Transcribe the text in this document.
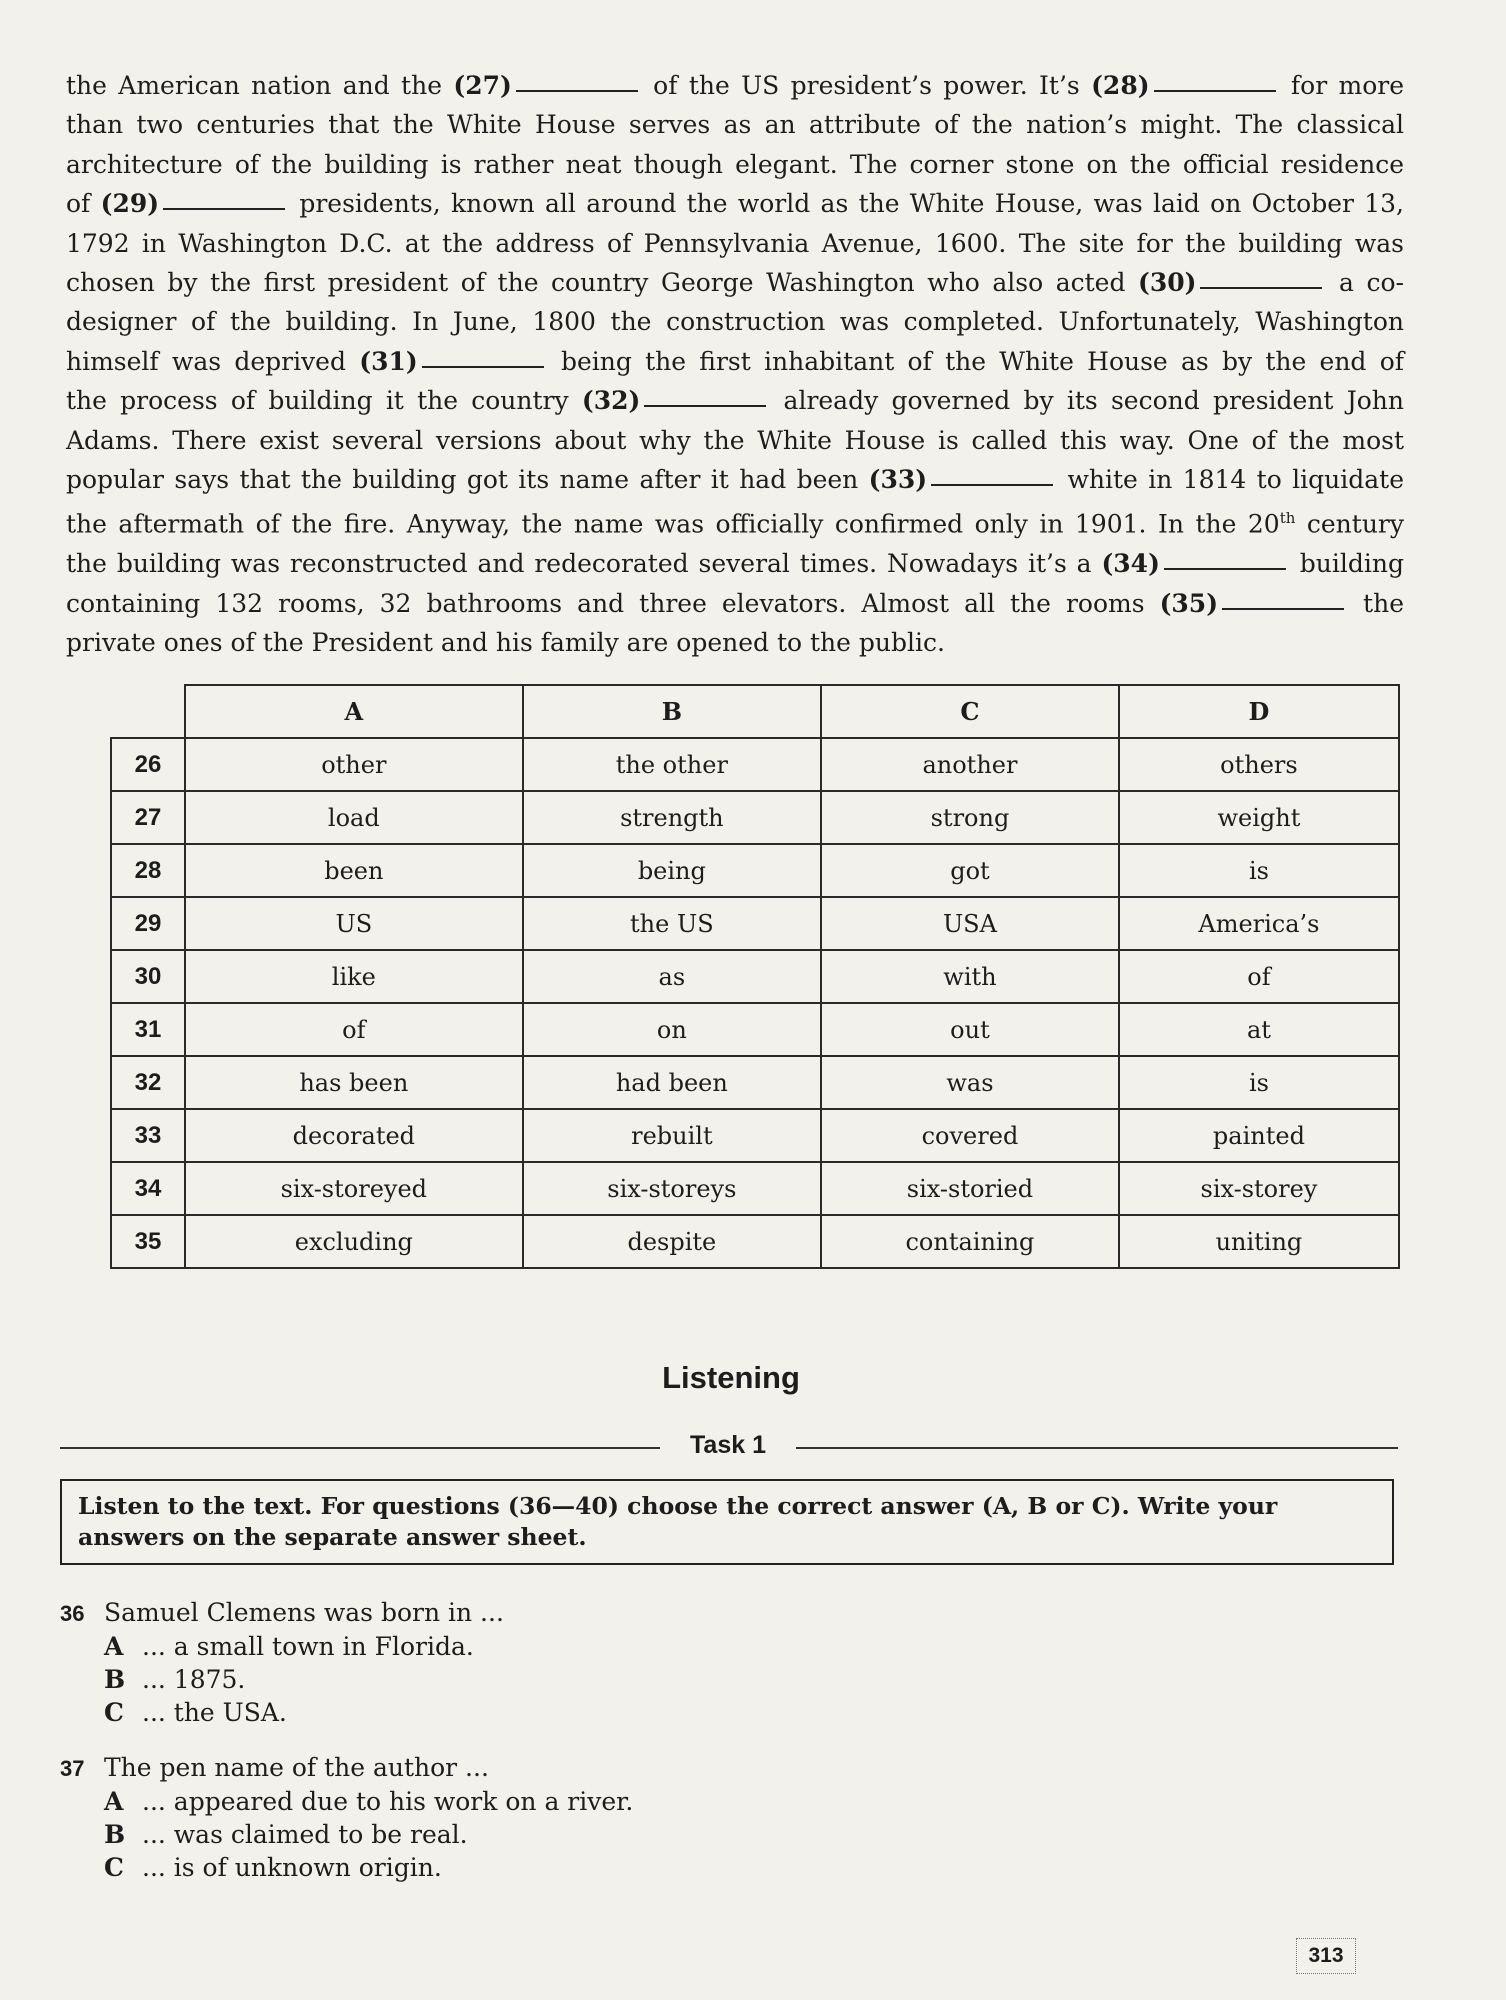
the American nation and the (27)	of the US president’s power. It’s (28)	for more
than two centuries that the White House serves as an attribute of the nation’s might. The classical
architecture of the building is rather neat though elegant. The corner stone on the official residence
of (29)	presidents, known all around the world as the White House, was laid on October 13,
1792 in Washington D.C. at the address of Pennsylvania Avenue, 1600. The site for the building was
chosen by the first president of the country George Washington who also acted (30)	a co-
designer of the building. In June, 1800 the construction was completed. Unfortunately, Washington
himself was deprived (31)	being the first inhabitant of the White House as by the end of
the process of building it the country (32)	already governed by its second president John
Adams. There exist several versions about why the White House is called this way. One of the most
popular says that the building got its name after it had been (33)	white in 1814 to liquidate
the aftermath of the fire. Anyway, the name was officially confirmed only in 1901. In the 20th century
the building was reconstructed and redecorated several times. Nowadays it’s a (34)	building
containing 132 rooms, 32 bathrooms and three elevators. Almost all the rooms (35)	the
private ones of the President and his family are opened to the public.
	A	B	C	D
26	other	the other	another	others
27	load	strength	strong	weight
28	been	being	got	is
29	US	the US	USA	America’s
30	like	as	with	of
31	of	on	out	at
32	has been	had been	was	is
33	decorated	rebuilt	covered	painted
34	six-storeyed	six-storeys	six-storied	six-storey
35	excluding	despite	containing	uniting
Listening
Task 1
Listen to the text. For questions (36—40) choose the correct answer (A, B or C). Write your answers on the separate answer sheet.
36 Samuel Clemens was born in ...
A ... a small town in Florida.
B ... 1875.
C ... the USA.
37 The pen name of the author ...
A ... appeared due to his work on a river.
B ... was claimed to be real.
C ... is of unknown origin.
313
